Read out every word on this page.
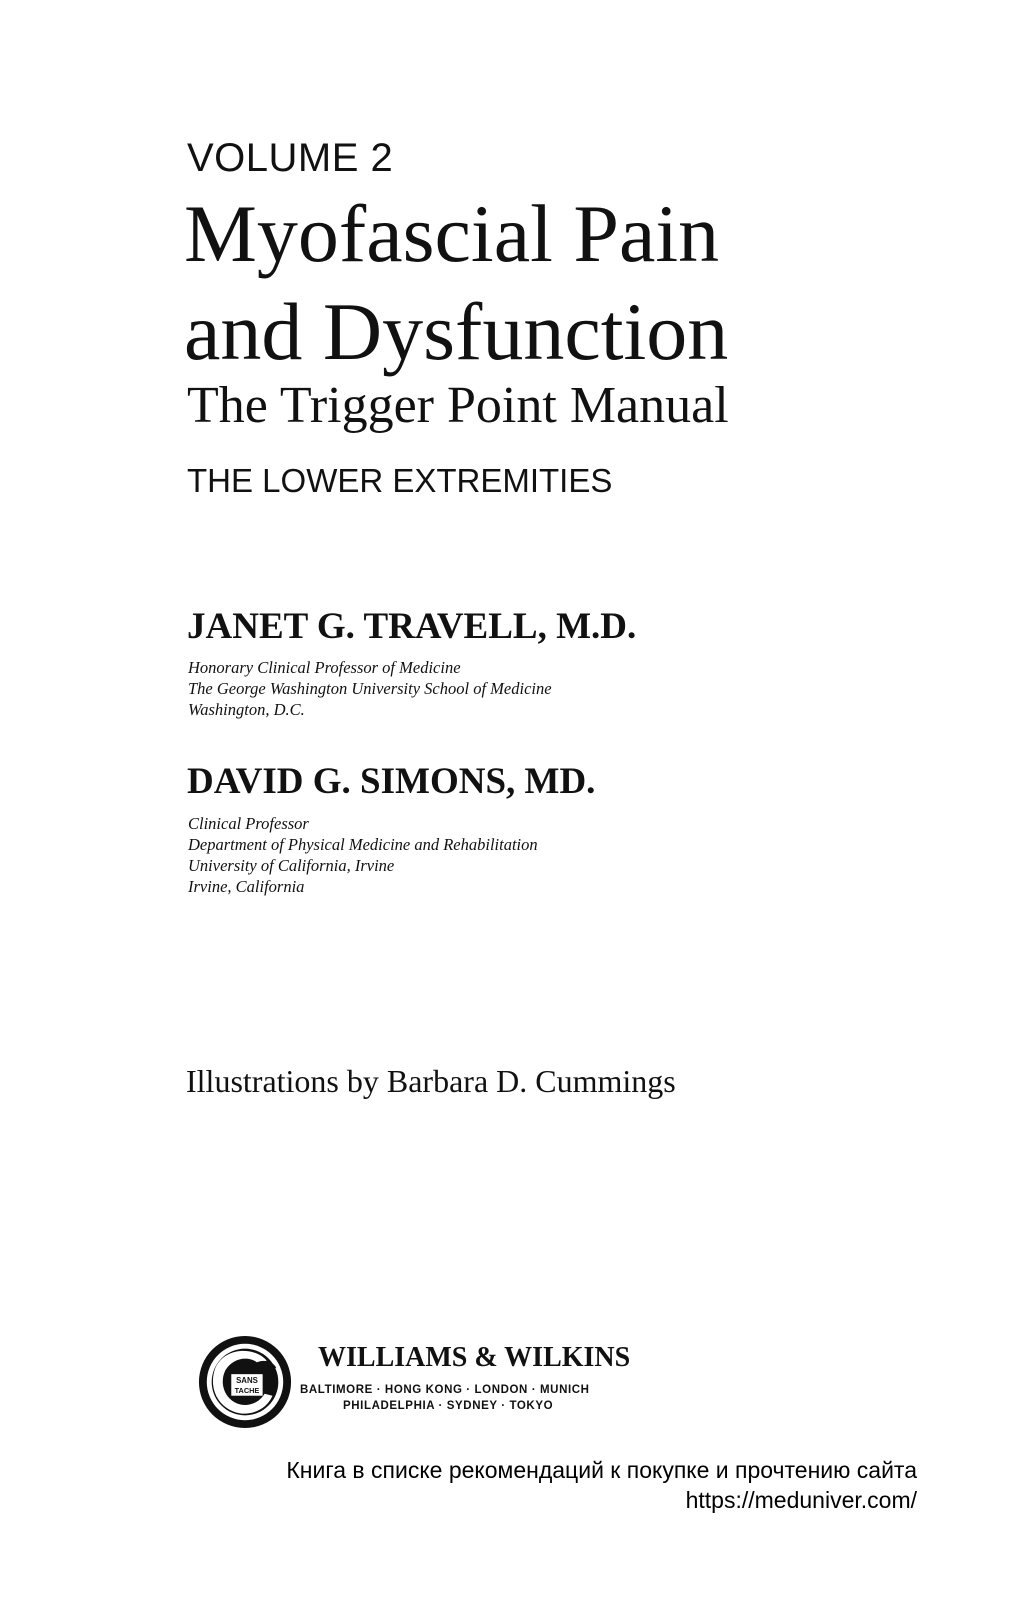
VOLUME 2
Myofascial Pain
and Dysfunction
The Trigger Point Manual
THE LOWER EXTREMITIES
JANET G. TRAVELL, M.D.
Honorary Clinical Professor of Medicine
The George Washington University School of Medicine
Washington, D.C.
DAVID G. SIMONS, MD.
Clinical Professor
Department of Physical Medicine and Rehabilitation
University of California, Irvine
Irvine, California
Illustrations by Barbara D. Cummings
SANS
TACHE
WILLIAMS & WILKINS
BALTIMORE · HONG KONG · LONDON · MUNICH
PHILADELPHIA · SYDNEY · TOKYO
Книга в списке рекомендаций к покупке и прочтению сайта https://meduniver.com/
